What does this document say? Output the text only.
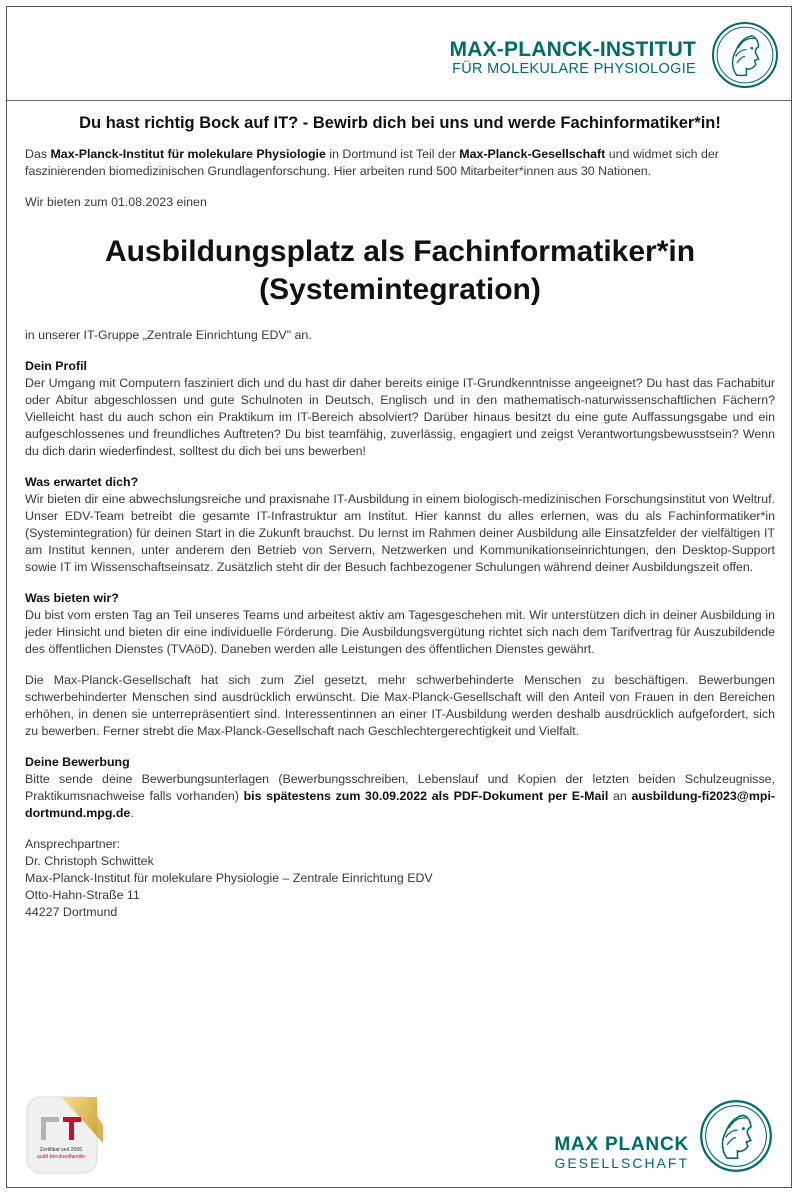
MAX-PLANCK-INSTITUT
FÜR MOLEKULARE PHYSIOLOGIE
Du hast richtig Bock auf IT? - Bewirb dich bei uns und werde Fachinformatiker*in!

Das Max-Planck-Institut für molekulare Physiologie in Dortmund ist Teil der Max-Planck-Gesellschaft und widmet sich der faszinierenden biomedizinischen Grundlagenforschung. Hier arbeiten rund 500 Mitarbeiter*innen aus 30 Nationen.

Wir bieten zum 01.08.2023 einen

Ausbildungsplatz als Fachinformatiker*in
(Systemintegration)

in unserer IT-Gruppe „Zentrale Einrichtung EDV" an.

Dein Profil

Der Umgang mit Computern fasziniert dich und du hast dir daher bereits einige IT-Grundkenntnisse angeeignet? Du hast das Fachabitur oder Abitur abgeschlossen und gute Schulnoten in Deutsch, Englisch und in den mathematisch-naturwissenschaftlichen Fächern? Vielleicht hast du auch schon ein Praktikum im IT-Bereich absolviert? Darüber hinaus besitzt du eine gute Auffassungsgabe und ein aufgeschlossenes und freundliches Auftreten? Du bist teamfähig, zuverlässig, engagiert und zeigst Verantwortungsbewusstsein? Wenn du dich darin wiederfindest, solltest du dich bei uns bewerben!

Was erwartet dich?

Wir bieten dir eine abwechslungsreiche und praxisnahe IT-Ausbildung in einem biologisch-medizinischen Forschungsinstitut von Weltruf. Unser EDV-Team betreibt die gesamte IT-Infrastruktur am Institut. Hier kannst du alles erlernen, was du als Fachinformatiker*in (Systemintegration) für deinen Start in die Zukunft brauchst. Du lernst im Rahmen deiner Ausbildung alle Einsatzfelder der vielfältigen IT am Institut kennen, unter anderem den Betrieb von Servern, Netzwerken und Kommunikationseinrichtungen, den Desktop-Support sowie IT im Wissenschaftseinsatz. Zusätzlich steht dir der Besuch fachbezogener Schulungen während deiner Ausbildungszeit offen.

Was bieten wir?

Du bist vom ersten Tag an Teil unseres Teams und arbeitest aktiv am Tagesgeschehen mit. Wir unterstützen dich in deiner Ausbildung in jeder Hinsicht und bieten dir eine individuelle Förderung. Die Ausbildungsvergütung richtet sich nach dem Tarifvertrag für Auszubildende des öffentlichen Dienstes (TVAöD). Daneben werden alle Leistungen des öffentlichen Dienstes gewährt.

Die Max-Planck-Gesellschaft hat sich zum Ziel gesetzt, mehr schwerbehinderte Menschen zu beschäftigen. Bewerbungen schwerbehinderter Menschen sind ausdrücklich erwünscht. Die Max-Planck-Gesellschaft will den Anteil von Frauen in den Bereichen erhöhen, in denen sie unterrepräsentiert sind. Interessentinnen an einer IT-Ausbildung werden deshalb ausdrücklich aufgefordert, sich zu bewerben. Ferner strebt die Max-Planck-Gesellschaft nach Geschlechtergerechtigkeit und Vielfalt.

Deine Bewerbung

Bitte sende deine Bewerbungsunterlagen (Bewerbungsschreiben, Lebenslauf und Kopien der letzten beiden Schulzeugnisse, Praktikumsnachweise falls vorhanden) bis spätestens zum 30.09.2022 als PDF-Dokument per E-Mail an ausbildung-fi2023@mpi-dortmund.mpg.de.

Ansprechpartner:

Dr. Christoph Schwittek

Max-Planck-Institut für molekulare Physiologie – Zentrale Einrichtung EDV

Otto-Hahn-Straße 11

44227 Dortmund

Zertifikat seit 2006
audit berufundfamilie
MAX PLANCK
GESELLSCHAFT
